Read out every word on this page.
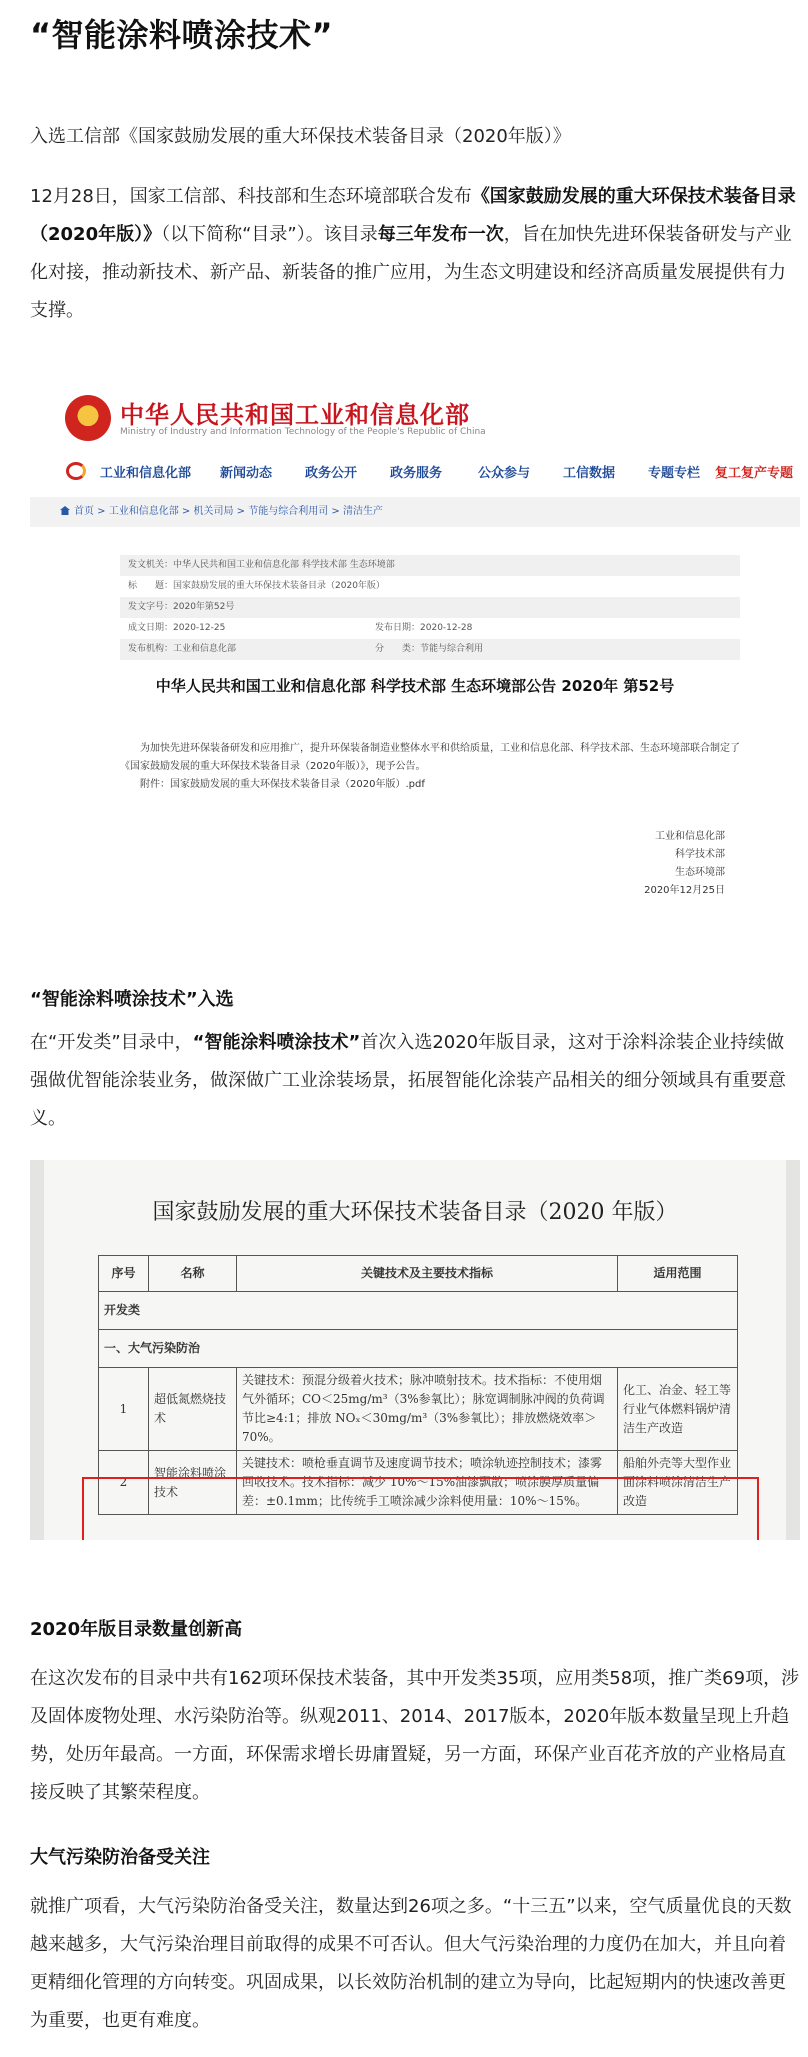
“智能涂料喷涂技术”
入选工信部《国家鼓励发展的重大环保技术装备目录（2020年版）》
12月28日，国家工信部、科技部和生态环境部联合发布《国家鼓励发展的重大环保技术装备目录（2020年版）》（以下简称“目录”）。该目录每三年发布一次，旨在加快先进环保装备研发与产业化对接，推动新技术、新产品、新装备的推广应用，为生态文明建设和经济高质量发展提供有力支撑。
中华人民共和国工业和信息化部
Ministry of Industry and Information Technology of the People's Republic of China
工业和信息化部 新闻动态	政务公开	政务服务	公众参与	工信数据	专题专栏 复工复产专题
首页 > 工业和信息化部 > 机关司局 > 节能与综合利用司 > 清洁生产
发文机关：中华人民共和国工业和信息化部 科学技术部 生态环境部
标　　题：国家鼓励发展的重大环保技术装备目录（2020年版）
发文字号：2020年第52号
成文日期：2020-12-25	发布日期：2020-12-28
发布机构：工业和信息化部	分　　类：节能与综合利用
中华人民共和国工业和信息化部 科学技术部 生态环境部公告 2020年 第52号
为加快先进环保装备研发和应用推广，提升环保装备制造业整体水平和供给质量，工业和信息化部、科学技术部、生态环境部联合制定了《国家鼓励发展的重大环保技术装备目录（2020年版）》，现予公告。
附件：国家鼓励发展的重大环保技术装备目录（2020年版）.pdf
工业和信息化部
科学技术部
生态环境部
2020年12月25日
“智能涂料喷涂技术”入选
在“开发类”目录中，“智能涂料喷涂技术”首次入选2020年版目录，这对于涂料涂装企业持续做强做优智能涂装业务，做深做广工业涂装场景，拓展智能化涂装产品相关的细分领域具有重要意义。
国家鼓励发展的重大环保技术装备目录（2020 年版）
序号	名称	关键技术及主要技术指标	适用范围
开发类			
一、大气污染防治			
1	超低氮燃烧技术	关键技术：预混分级着火技术；脉冲喷射技术。技术指标：不使用烟气外循环；CO＜25mg/m³（3%参氧比）；脉宽调制脉冲阀的负荷调节比≥4:1；排放 NOₓ＜30mg/m³（3%参氧比）；排放燃烧效率＞70%。	化工、冶金、轻工等行业气体燃料锅炉清洁生产改造
2	智能涂料喷涂技术	关键技术：喷枪垂直调节及速度调节技术；喷涂轨迹控制技术；漆雾回收技术。技术指标：减少 10%～15%油漆飘散；喷涂膜厚质量偏差：±0.1mm；比传统手工喷涂减少涂料使用量：10%～15%。	船舶外壳等大型作业面涂料喷涂清洁生产改造
2020年版目录数量创新高
在这次发布的目录中共有162项环保技术装备，其中开发类35项，应用类58项，推广类69项，涉及固体废物处理、水污染防治等。纵观2011、2014、2017版本，2020年版本数量呈现上升趋势，处历年最高。一方面，环保需求增长毋庸置疑，另一方面，环保产业百花齐放的产业格局直接反映了其繁荣程度。
大气污染防治备受关注
就推广项看，大气污染防治备受关注，数量达到26项之多。“十三五”以来，空气质量优良的天数越来越多，大气污染治理目前取得的成果不可否认。但大气污染治理的力度仍在加大，并且向着更精细化管理的方向转变。巩固成果，以长效防治机制的建立为导向，比起短期内的快速改善更为重要，也更有难度。
